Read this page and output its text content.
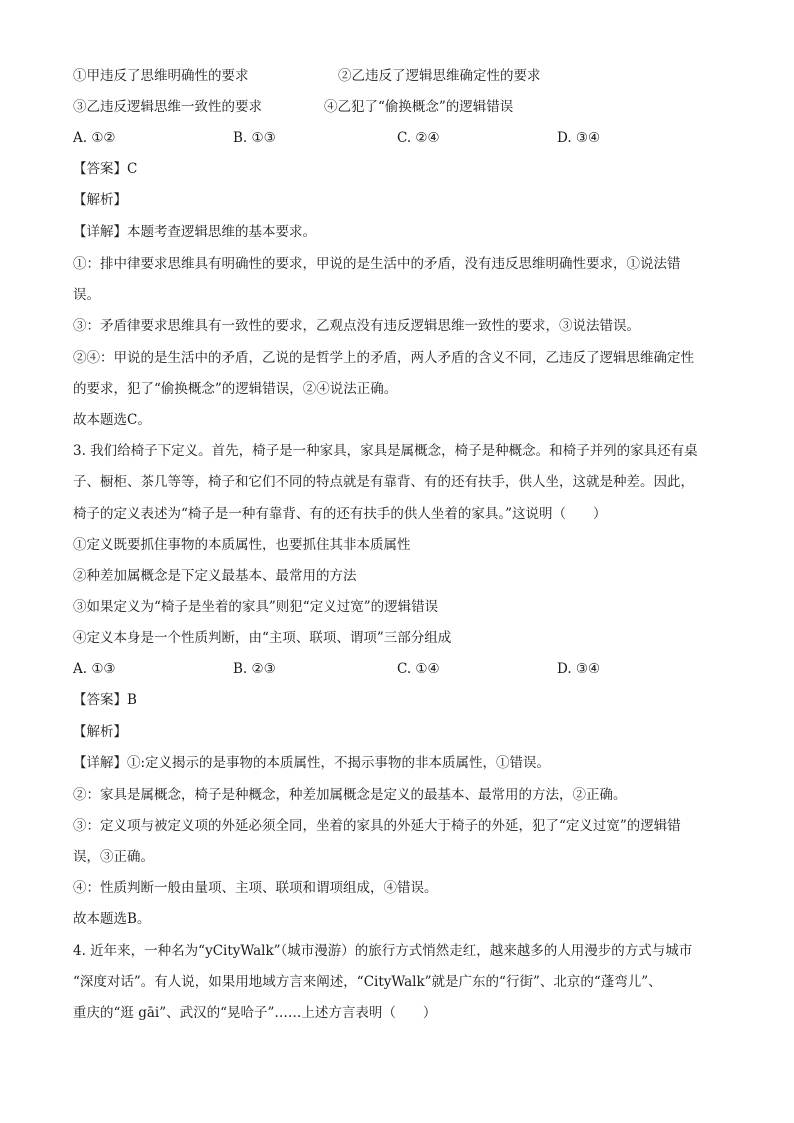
①甲违反了思维明确性的要求	②乙违反了逻辑思维确定性的要求
③乙违反逻辑思维一致性的要求	④乙犯了“偷换概念”的逻辑错误
A. ①②	B. ①③	C. ②④	D. ③④
【答案】C
【解析】
【详解】本题考查逻辑思维的基本要求。
①：排中律要求思维具有明确性的要求，甲说的是生活中的矛盾，没有违反思维明确性要求，①说法错
误。
③：矛盾律要求思维具有一致性的要求，乙观点没有违反逻辑思维一致性的要求，③说法错误。
②④：甲说的是生活中的矛盾，乙说的是哲学上的矛盾，两人矛盾的含义不同，乙违反了逻辑思维确定性
的要求，犯了“偷换概念”的逻辑错误，②④说法正确。
故本题选C。
3. 我们给椅子下定义。首先，椅子是一种家具，家具是属概念，椅子是种概念。和椅子并列的家具还有桌
子、橱柜、茶几等等，椅子和它们不同的特点就是有靠背、有的还有扶手，供人坐，这就是种差。因此，
椅子的定义表述为“椅子是一种有靠背、有的还有扶手的供人坐着的家具。”这说明（　　）
①定义既要抓住事物的本质属性，也要抓住其非本质属性
②种差加属概念是下定义最基本、最常用的方法
③如果定义为“椅子是坐着的家具”则犯“定义过宽”的逻辑错误
④定义本身是一个性质判断，由“主项、联项、谓项”三部分组成
A. ①③	B. ②③	C. ①④	D. ③④
【答案】B
【解析】
【详解】①:定义揭示的是事物的本质属性，不揭示事物的非本质属性，①错误。
②：家具是属概念，椅子是种概念，种差加属概念是定义的最基本、最常用的方法，②正确。
③：定义项与被定义项的外延必须全同，坐着的家具的外延大于椅子的外延，犯了“定义过宽”的逻辑错
误，③正确。
④：性质判断一般由量项、主项、联项和谓项组成，④错误。
故本题选B。
4. 近年来，一种名为“yCityWalk”（城市漫游）的旅行方式悄然走红，越来越多的人用漫步的方式与城市
“深度对话”。有人说，如果用地域方言来阐述，“CityWalk”就是广东的“行街”、北京的“蓬弯儿”、
重庆的“逛 gāi”、武汉的“晃哈子”……上述方言表明（　　）
